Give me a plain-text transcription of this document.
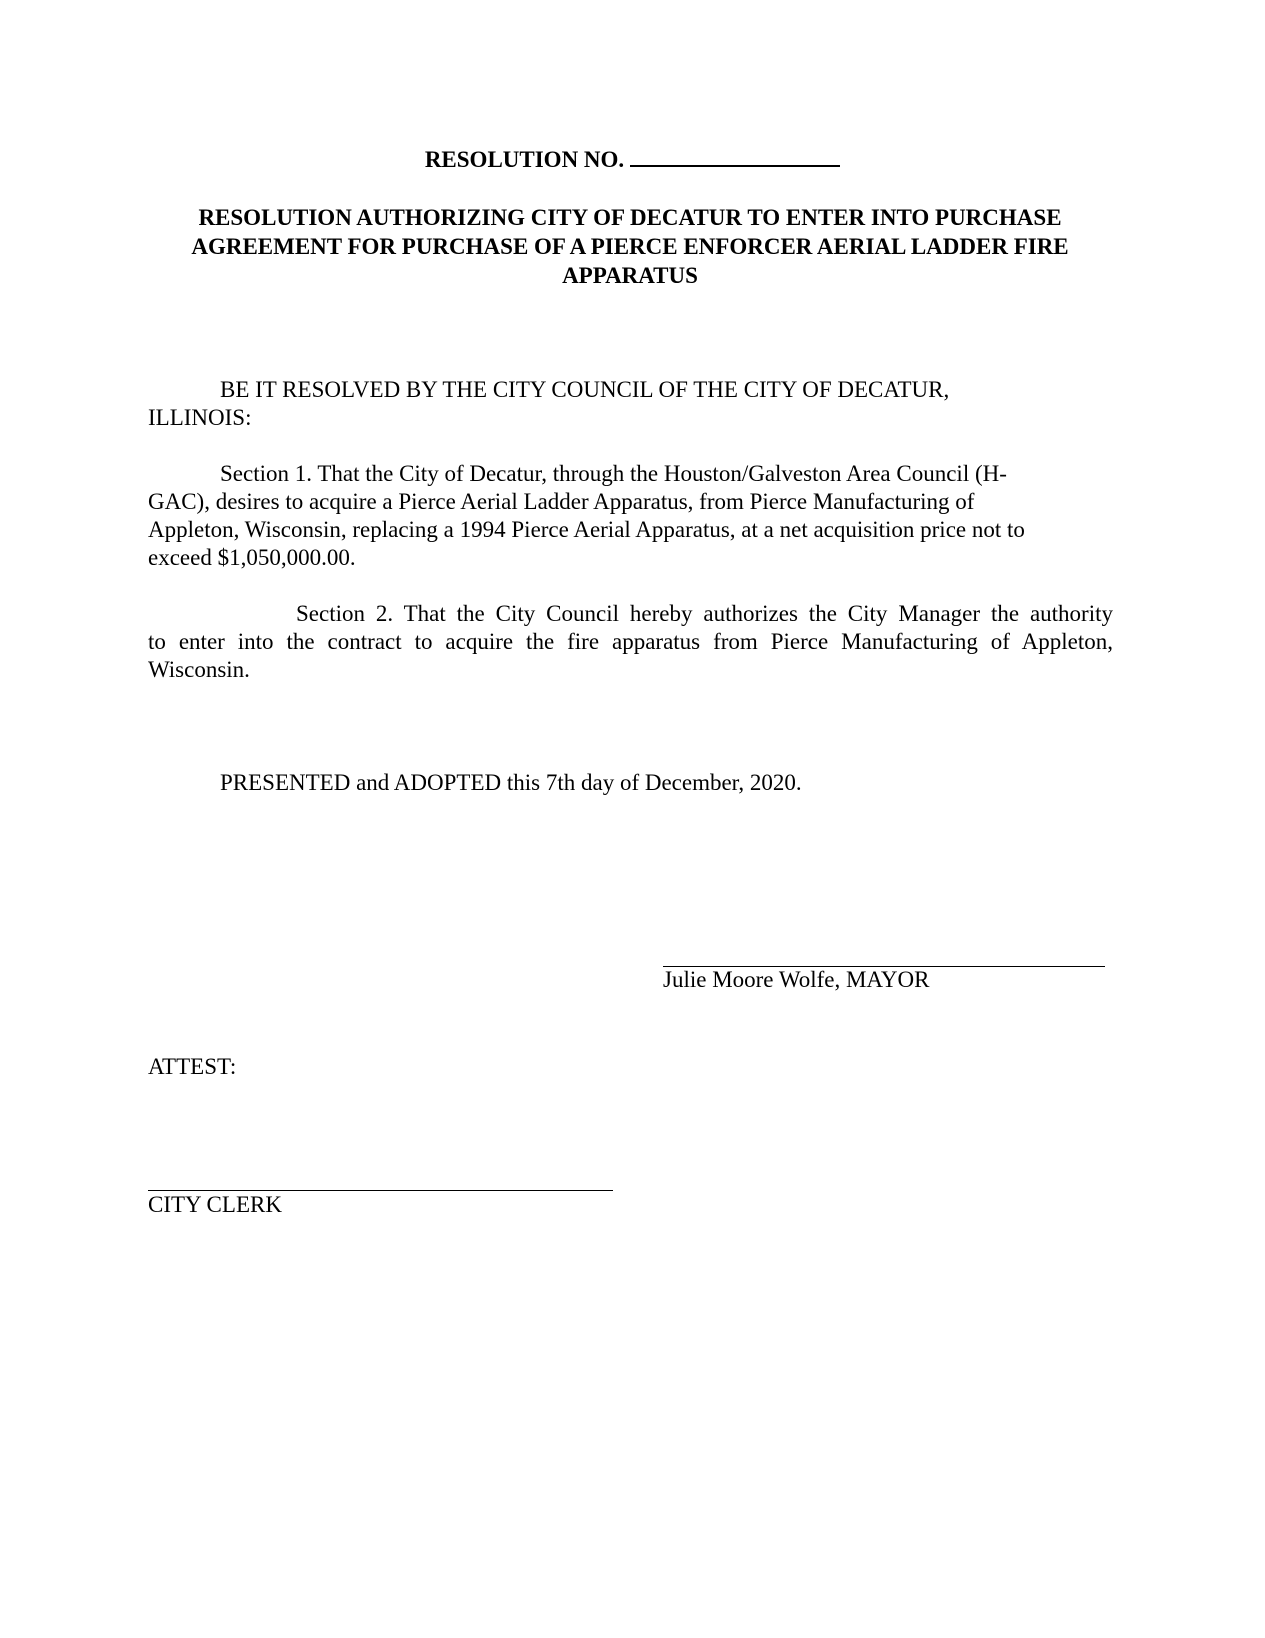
RESOLUTION NO.
RESOLUTION AUTHORIZING CITY OF DECATUR TO ENTER INTO PURCHASE AGREEMENT FOR PURCHASE OF A PIERCE ENFORCER AERIAL LADDER FIRE APPARATUS
BE IT RESOLVED BY THE CITY COUNCIL OF THE CITY OF DECATUR,
ILLINOIS:
Section 1. That the City of Decatur, through the Houston/Galveston Area Council (H-
GAC), desires to acquire a Pierce Aerial Ladder Apparatus, from Pierce Manufacturing of
Appleton, Wisconsin, replacing a 1994 Pierce Aerial Apparatus, at a net acquisition price not to
exceed $1,050,000.00.
Section 2. That the City Council hereby authorizes the City Manager the authority
to enter into the contract to acquire the fire apparatus from Pierce Manufacturing of Appleton,
Wisconsin.
PRESENTED and ADOPTED this 7th day of December, 2020.
Julie Moore Wolfe, MAYOR
ATTEST:
CITY CLERK
